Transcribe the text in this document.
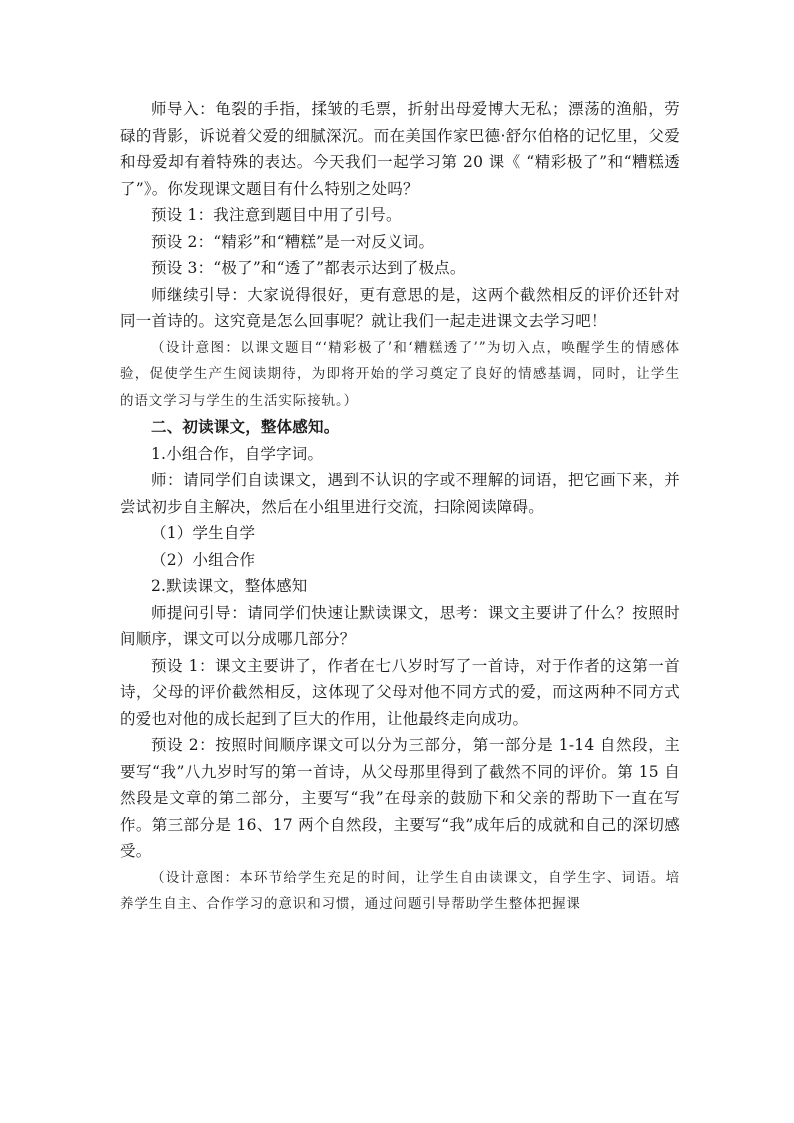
师导入：龟裂的手指，揉皱的毛票，折射出母爱博大无私；漂荡的渔船，劳碌的背影，诉说着父爱的细腻深沉。而在美国作家巴德·舒尔伯格的记忆里，父爱和母爱却有着特殊的表达。今天我们一起学习第 20 课《 “精彩极了”和“糟糕透了”》。你发现课文题目有什么特别之处吗？

预设 1：我注意到题目中用了引号。

预设 2：“精彩”和“糟糕”是一对反义词。

预设 3：“极了”和“透了”都表示达到了极点。

师继续引导：大家说得很好，更有意思的是，这两个截然相反的评价还针对同一首诗的。这究竟是怎么回事呢？就让我们一起走进课文去学习吧！

（设计意图：以课文题目“‘精彩极了’和‘糟糕透了’”为切入点，唤醒学生的情感体验，促使学生产生阅读期待，为即将开始的学习奠定了良好的情感基调，同时，让学生的语文学习与学生的生活实际接轨。）

二、初读课文，整体感知。

1.小组合作，自学字词。

师：请同学们自读课文，遇到不认识的字或不理解的词语，把它画下来，并尝试初步自主解决，然后在小组里进行交流，扫除阅读障碍。

（1）学生自学

（2）小组合作

2.默读课文，整体感知

师提问引导：请同学们快速让默读课文，思考：课文主要讲了什么？按照时间顺序，课文可以分成哪几部分？

预设 1：课文主要讲了，作者在七八岁时写了一首诗，对于作者的这第一首诗，父母的评价截然相反，这体现了父母对他不同方式的爱，而这两种不同方式的爱也对他的成长起到了巨大的作用，让他最终走向成功。

预设 2：按照时间顺序课文可以分为三部分，第一部分是 1-14 自然段，主要写“我”八九岁时写的第一首诗，从父母那里得到了截然不同的评价。第 15 自然段是文章的第二部分，主要写“我”在母亲的鼓励下和父亲的帮助下一直在写作。第三部分是 16、17 两个自然段，主要写“我”成年后的成就和自己的深切感受。

（设计意图：本环节给学生充足的时间，让学生自由读课文，自学生字、词语。培养学生自主、合作学习的意识和习惯，通过问题引导帮助学生整体把握课
